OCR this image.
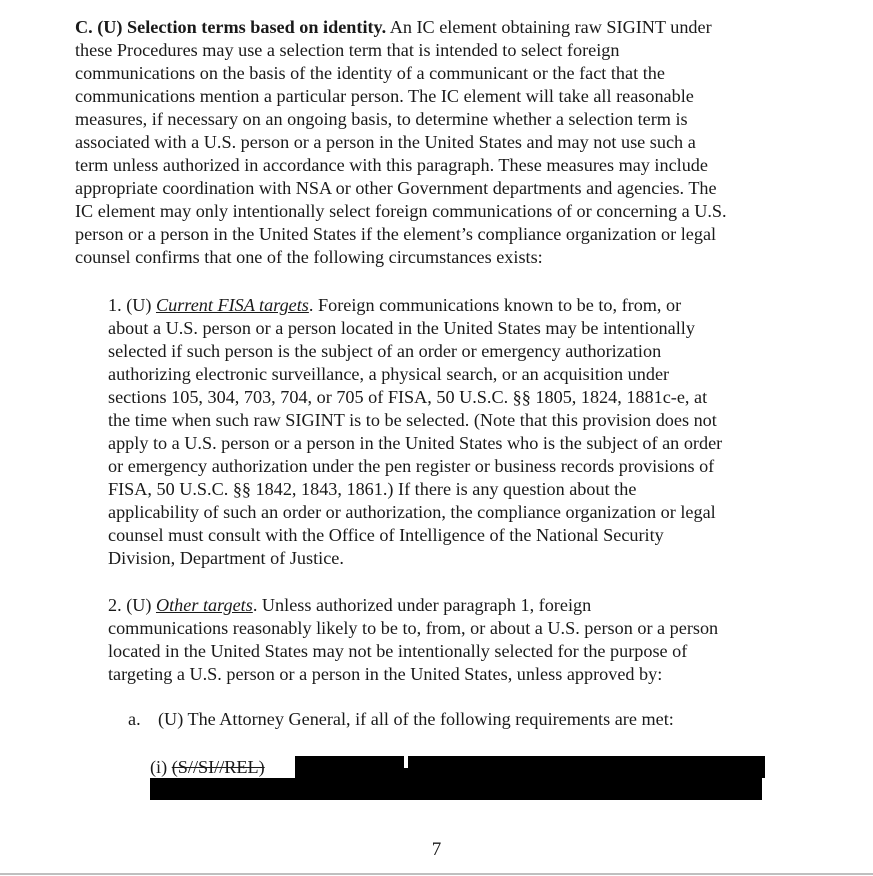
C. (U) Selection terms based on identity. An IC element obtaining raw SIGINT under
these Procedures may use a selection term that is intended to select foreign
communications on the basis of the identity of a communicant or the fact that the
communications mention a particular person. The IC element will take all reasonable
measures, if necessary on an ongoing basis, to determine whether a selection term is
associated with a U.S. person or a person in the United States and may not use such a
term unless authorized in accordance with this paragraph. These measures may include
appropriate coordination with NSA or other Government departments and agencies. The
IC element may only intentionally select foreign communications of or concerning a U.S.
person or a person in the United States if the element’s compliance organization or legal
counsel confirms that one of the following circumstances exists:

1. (U) Current FISA targets. Foreign communications known to be to, from, or
about a U.S. person or a person located in the United States may be intentionally
selected if such person is the subject of an order or emergency authorization
authorizing electronic surveillance, a physical search, or an acquisition under
sections 105, 304, 703, 704, or 705 of FISA, 50 U.S.C. §§ 1805, 1824, 1881c-e, at
the time when such raw SIGINT is to be selected. (Note that this provision does not
apply to a U.S. person or a person in the United States who is the subject of an order
or emergency authorization under the pen register or business records provisions of
FISA, 50 U.S.C. §§ 1842, 1843, 1861.) If there is any question about the
applicability of such an order or authorization, the compliance organization or legal
counsel must consult with the Office of Intelligence of the National Security
Division, Department of Justice.

2. (U) Other targets. Unless authorized under paragraph 1, foreign
communications reasonably likely to be to, from, or about a U.S. person or a person
located in the United States may not be intentionally selected for the purpose of
targeting a U.S. person or a person in the United States, unless approved by:

a. (U) The Attorney General, if all of the following requirements are met:

(i) (S//SI//REL)
7
